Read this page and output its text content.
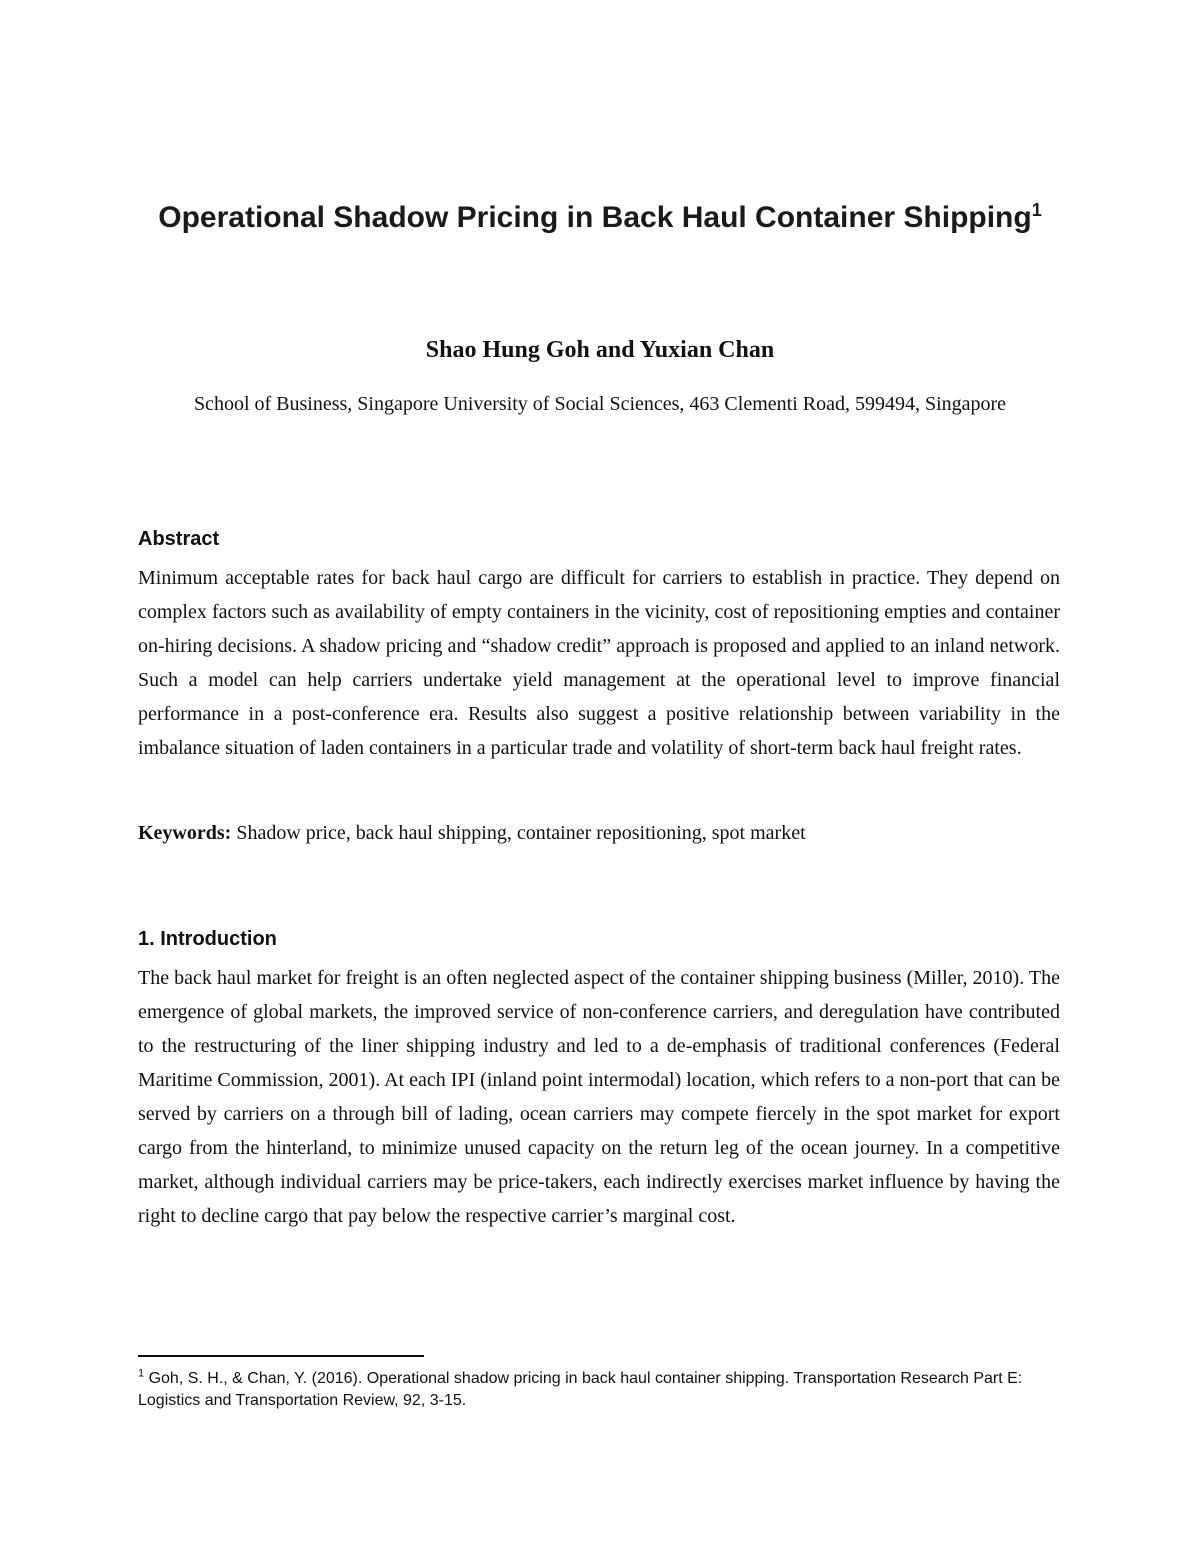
Operational Shadow Pricing in Back Haul Container Shipping$^1$
Shao Hung Goh and Yuxian Chan
School of Business, Singapore University of Social Sciences, 463 Clementi Road, 599494, Singapore
Abstract

Minimum acceptable rates for back haul cargo are difficult for carriers to establish in practice. They depend on complex factors such as availability of empty containers in the vicinity, cost of repositioning empties and container on-hiring decisions. A shadow pricing and “shadow credit” approach is proposed and applied to an inland network. Such a model can help carriers undertake yield management at the operational level to improve financial performance in a post-conference era. Results also suggest a positive relationship between variability in the imbalance situation of laden containers in a particular trade and volatility of short-term back haul freight rates.

Keywords: Shadow price, back haul shipping, container repositioning, spot market

1. Introduction

The back haul market for freight is an often neglected aspect of the container shipping business (Miller, 2010). The emergence of global markets, the improved service of non-conference carriers, and deregulation have contributed to the restructuring of the liner shipping industry and led to a de-emphasis of traditional conferences (Federal Maritime Commission, 2001). At each IPI (inland point intermodal) location, which refers to a non-port that can be served by carriers on a through bill of lading, ocean carriers may compete fiercely in the spot market for export cargo from the hinterland, to minimize unused capacity on the return leg of the ocean journey. In a competitive market, although individual carriers may be price-takers, each indirectly exercises market influence by having the right to decline cargo that pay below the respective carrier’s marginal cost.

$^1$ Goh, S. H., & Chan, Y. (2016). Operational shadow pricing in back haul container shipping. Transportation Research Part E: Logistics and Transportation Review, 92, 3-15.
